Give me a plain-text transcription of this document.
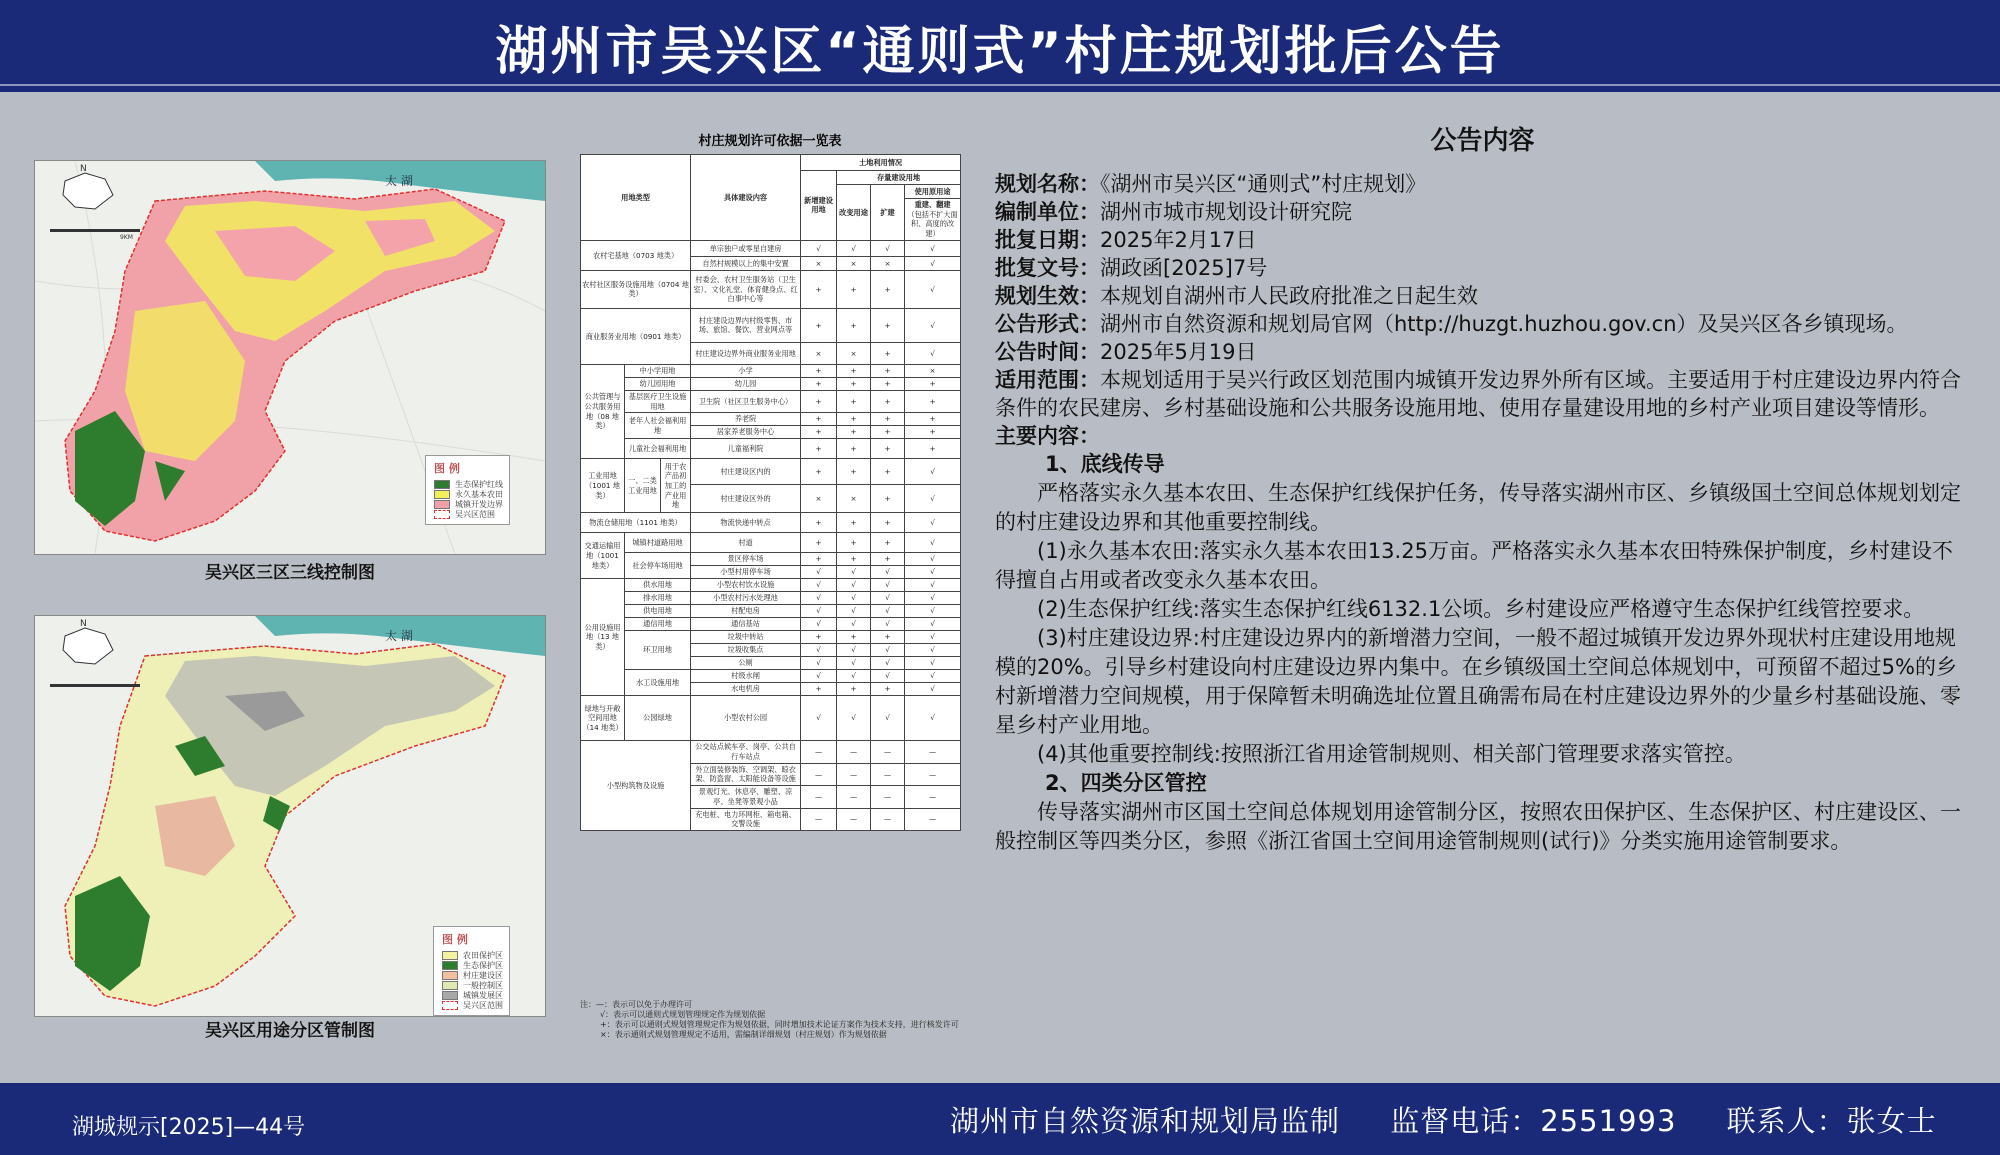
湖州市吴兴区“通则式”村庄规划批后公告
太 湖
N
9KM
图 例
生态保护红线
永久基本农田
城镇开发边界
吴兴区范围
吴兴区三区三线控制图
太 湖
N
图 例
农田保护区
生态保护区
村庄建设区
一般控制区
城镇发展区
吴兴区范围
吴兴区用途分区管制图
村庄规划许可依据一览表
用地类型			具体建设内容	土地利用情况			
				新增建设用地	存量建设用地		
					改变用途	扩建	使用原用途
							重建、翻建
（包括不扩大面积、高度的改建）
农村宅基地（0703 地类）			单宗独户或零星自建房	√	√	√	√
			自然村规模以上的集中安置	×	×	×	√
农村社区服务设施用地（0704 地类）			村委会、农村卫生服务站（卫生室）、文化礼堂、体育健身点、红白事中心等	+	+	+	√
商业服务业用地（0901 地类）			村庄建设边界内村级零售、市场、旅馆、餐饮、营业网点等	+	+	+	√
			村庄建设边界外商业服务业用地	×	×	+	√
公共管理与公共服务用地（08 地类）	中小学用地		小学	+	+	+	×
	幼儿园用地		幼儿园	+	+	+	+
	基层医疗卫生设施用地		卫生院（社区卫生服务中心）	+	+	+	+
	老年人社会福利用地		养老院	+	+	+	+
			居家养老服务中心	+	+	+	+
	儿童社会福利用地		儿童福利院	+	+	+	+
工业用地（1001 地类）	一、二类工业用地	用于农产品初加工的产业用地	村庄建设区内的	+	+	+	√
			村庄建设区外的	×	×	+	√
物流仓储用地（1101 地类）			物流快递中转点	+	+	+	√
交通运输用地（1001 地类）	城镇村道路用地		村道	+	+	+	√
	社会停车场用地		景区停车场	+	+	+	√
			小型村用停车场	√	√	√	√
公用设施用地（13 地类）	供水用地		小型农村饮水设施	√	√	√	√
	排水用地		小型农村污水处理池	√	√	√	√
	供电用地		村配电房	√	√	√	√
	通信用地		通信基站	√	√	√	√
	环卫用地		垃圾中转站	+	+	+	√
			垃圾收集点	√	√	√	√
			公厕	√	√	√	√
	水工设施用地		村级水闸	√	√	√	√
			水电机房	+	+	+	√
绿地与开敞空间用地（14 地类）	公园绿地		小型农村公园	√	√	√	√
小型构筑物及设施			公交站点候车亭、岗亭、公共自行车站点	—	—	—	—
			外立面装修装饰、空调架、晾衣架、防盗窗、太阳能设备等设施	—	—	—	—
			景观灯光、休息亭、雕塑、凉亭、坐凳等景观小品	—	—	—	—
			充电桩、电力环网柜、箱电箱、交警设施	—	—	—	—
注：—：表示可以免于办理许可
√：表示可以通则式规划管理规定作为规划依据
+：表示可以通则式规划管理规定作为规划依据，同时增加技术论证方案作为技术支持，进行核发许可
×：表示通则式规划管理规定不适用，需编制详细规划（村庄规划）作为规划依据
公告内容
规划名称：《湖州市吴兴区“通则式”村庄规划》
编制单位：湖州市城市规划设计研究院
批复日期：2025年2月17日
批复文号：湖政函[2025]7号
规划生效：本规划自湖州市人民政府批准之日起生效
公告形式：湖州市自然资源和规划局官网（http://huzgt.huzhou.gov.cn）及吴兴区各乡镇现场。
公告时间：2025年5月19日
适用范围：本规划适用于吴兴行政区划范围内城镇开发边界外所有区域。主要适用于村庄建设边界内符合条件的农民建房、乡村基础设施和公共服务设施用地、使用存量建设用地的乡村产业项目建设等情形。
主要内容：
1、底线传导
严格落实永久基本农田、生态保护红线保护任务，传导落实湖州市区、乡镇级国土空间总体规划划定的村庄建设边界和其他重要控制线。
(1)永久基本农田:落实永久基本农田13.25万亩。严格落实永久基本农田特殊保护制度，乡村建设不得擅自占用或者改变永久基本农田。
(2)生态保护红线:落实生态保护红线6132.1公顷。乡村建设应严格遵守生态保护红线管控要求。
(3)村庄建设边界:村庄建设边界内的新增潜力空间，一般不超过城镇开发边界外现状村庄建设用地规模的20%。引导乡村建设向村庄建设边界内集中。在乡镇级国土空间总体规划中，可预留不超过5%的乡村新增潜力空间规模，用于保障暂未明确选址位置且确需布局在村庄建设边界外的少量乡村基础设施、零星乡村产业用地。
(4)其他重要控制线:按照浙江省用途管制规则、相关部门管理要求落实管控。
2、四类分区管控
传导落实湖州市区国土空间总体规划用途管制分区，按照农田保护区、生态保护区、村庄建设区、一般控制区等四类分区，参照《浙江省国土空间用途管制规则(试行)》分类实施用途管制要求。
湖城规示[2025]—44号	湖州市自然资源和规划局监制 监督电话：2551993 联系人：张女士
